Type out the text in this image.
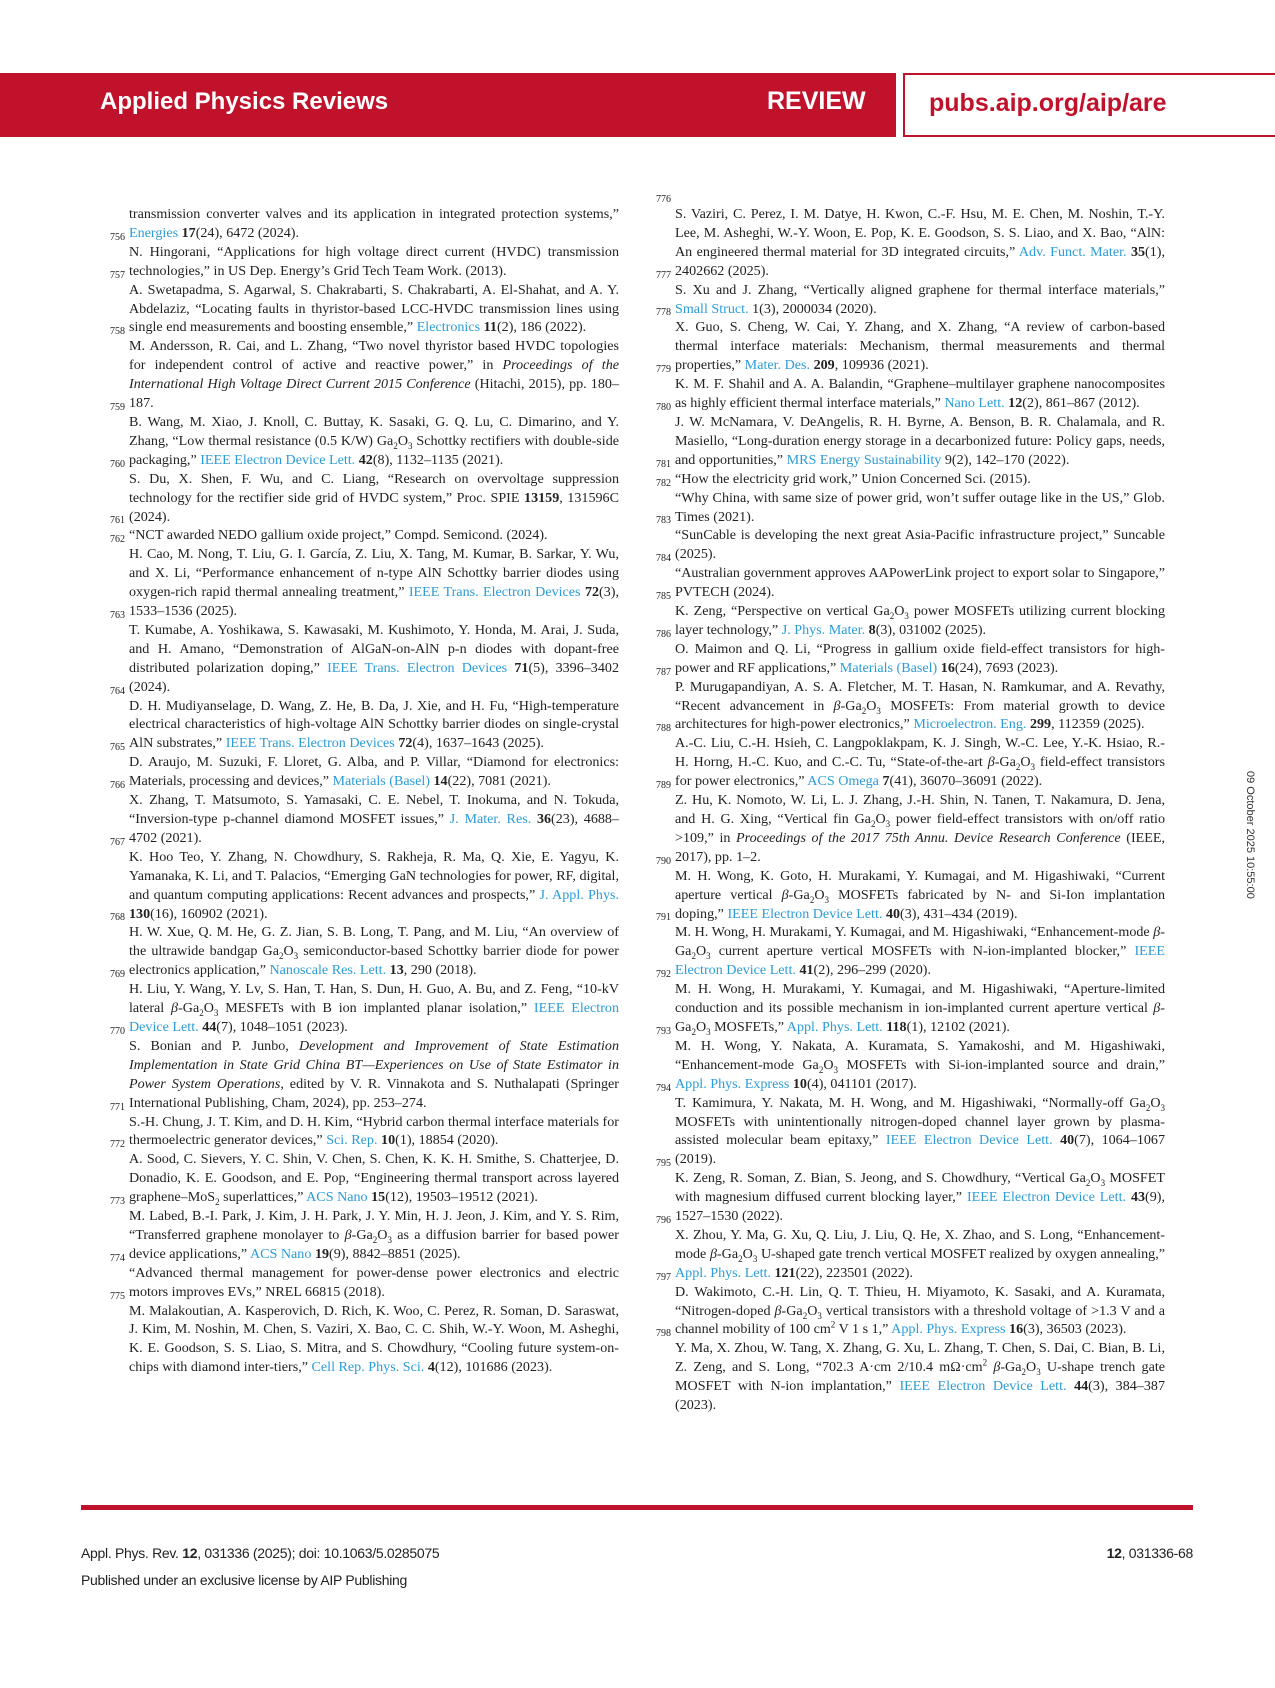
Applied Physics Reviews	REVIEW	pubs.aip.org/aip/are
transmission converter valves and its application in integrated protection systems,” Energies 17(24), 6472 (2024).
756
N. Hingorani, “Applications for high voltage direct current (HVDC) transmission technologies,” in US Dep. Energy’s Grid Tech Team Work. (2013).
757
A. Swetapadma, S. Agarwal, S. Chakrabarti, S. Chakrabarti, A. El-Shahat, and A. Y. Abdelaziz, “Locating faults in thyristor-based LCC-HVDC transmission lines using single end measurements and boosting ensemble,” Electronics 11(2), 186 (2022).
758
M. Andersson, R. Cai, and L. Zhang, “Two novel thyristor based HVDC topologies for independent control of active and reactive power,” in Proceedings of the International High Voltage Direct Current 2015 Conference (Hitachi, 2015), pp. 180–187.
759
B. Wang, M. Xiao, J. Knoll, C. Buttay, K. Sasaki, G. Q. Lu, C. Dimarino, and Y. Zhang, “Low thermal resistance (0.5 K/W) $Ga_2O_3$ Schottky rectifiers with double-side packaging,” IEEE Electron Device Lett. 42(8), 1132–1135 (2021).
760
S. Du, X. Shen, F. Wu, and C. Liang, “Research on overvoltage suppression technology for the rectifier side grid of HVDC system,” Proc. SPIE 13159, 131596C (2024).
761
“NCT awarded NEDO gallium oxide project,” Compd. Semicond. (2024).
762
H. Cao, M. Nong, T. Liu, G. I. García, Z. Liu, X. Tang, M. Kumar, B. Sarkar, Y. Wu, and X. Li, “Performance enhancement of n-type AlN Schottky barrier diodes using oxygen-rich rapid thermal annealing treatment,” IEEE Trans. Electron Devices 72(3), 1533–1536 (2025).
763
T. Kumabe, A. Yoshikawa, S. Kawasaki, M. Kushimoto, Y. Honda, M. Arai, J. Suda, and H. Amano, “Demonstration of AlGaN-on-AlN p-n diodes with dopant-free distributed polarization doping,” IEEE Trans. Electron Devices 71(5), 3396–3402 (2024).
764
D. H. Mudiyanselage, D. Wang, Z. He, B. Da, J. Xie, and H. Fu, “High-temperature electrical characteristics of high-voltage AlN Schottky barrier diodes on single-crystal AlN substrates,” IEEE Trans. Electron Devices 72(4), 1637–1643 (2025).
765
D. Araujo, M. Suzuki, F. Lloret, G. Alba, and P. Villar, “Diamond for electronics: Materials, processing and devices,” Materials (Basel) 14(22), 7081 (2021).
766
X. Zhang, T. Matsumoto, S. Yamasaki, C. E. Nebel, T. Inokuma, and N. Tokuda, “Inversion-type p-channel diamond MOSFET issues,” J. Mater. Res. 36(23), 4688–4702 (2021).
767
K. Hoo Teo, Y. Zhang, N. Chowdhury, S. Rakheja, R. Ma, Q. Xie, E. Yagyu, K. Yamanaka, K. Li, and T. Palacios, “Emerging GaN technologies for power, RF, digital, and quantum computing applications: Recent advances and prospects,” J. Appl. Phys. 130(16), 160902 (2021).
768
H. W. Xue, Q. M. He, G. Z. Jian, S. B. Long, T. Pang, and M. Liu, “An overview of the ultrawide bandgap $Ga_2O_3$ semiconductor-based Schottky barrier diode for power electronics application,” Nanoscale Res. Lett. 13, 290 (2018).
769
H. Liu, Y. Wang, Y. Lv, S. Han, T. Han, S. Dun, H. Guo, A. Bu, and Z. Feng, “10-kV lateral $\beta-Ga_2O_3$ MESFETs with B ion implanted planar isolation,” IEEE Electron Device Lett. 44(7), 1048–1051 (2023).
770
S. Bonian and P. Junbo, Development and Improvement of State Estimation Implementation in State Grid China BT—Experiences on Use of State Estimator in Power System Operations, edited by V. R. Vinnakota and S. Nuthalapati (Springer International Publishing, Cham, 2024), pp. 253–274.
771
S.-H. Chung, J. T. Kim, and D. H. Kim, “Hybrid carbon thermal interface materials for thermoelectric generator devices,” Sci. Rep. 10(1), 18854 (2020).
772
A. Sood, C. Sievers, Y. C. Shin, V. Chen, S. Chen, K. K. H. Smithe, S. Chatterjee, D. Donadio, K. E. Goodson, and E. Pop, “Engineering thermal transport across layered graphene–MoS$_2$ superlattices,” ACS Nano 15(12), 19503–19512 (2021).
773
M. Labed, B.-I. Park, J. Kim, J. H. Park, J. Y. Min, H. J. Jeon, J. Kim, and Y. S. Rim, “Transferred graphene monolayer to $\beta-Ga_2O_3$ as a diffusion barrier for based power device applications,” ACS Nano 19(9), 8842–8851 (2025).
774
“Advanced thermal management for power-dense power electronics and electric motors improves EVs,” NREL 66815 (2018).
775
M. Malakoutian, A. Kasperovich, D. Rich, K. Woo, C. Perez, R. Soman, D. Saraswat, J. Kim, M. Noshin, M. Chen, S. Vaziri, X. Bao, C. C. Shih, W.-Y. Woon, M. Asheghi, K. E. Goodson, S. S. Liao, S. Mitra, and S. Chowdhury, “Cooling future system-on-chips with diamond inter-tiers,” Cell Rep. Phys. Sci. 4(12), 101686 (2023).
776
S. Vaziri, C. Perez, I. M. Datye, H. Kwon, C.-F. Hsu, M. E. Chen, M. Noshin, T.-Y. Lee, M. Asheghi, W.-Y. Woon, E. Pop, K. E. Goodson, S. S. Liao, and X. Bao, “AlN: An engineered thermal material for 3D integrated circuits,” Adv. Funct. Mater. 35(1), 2402662 (2025).
777
S. Xu and J. Zhang, “Vertically aligned graphene for thermal interface materials,” Small Struct. 1(3), 2000034 (2020).
778
X. Guo, S. Cheng, W. Cai, Y. Zhang, and X. Zhang, “A review of carbon-based thermal interface materials: Mechanism, thermal measurements and thermal properties,” Mater. Des. 209, 109936 (2021).
779
K. M. F. Shahil and A. A. Balandin, “Graphene–multilayer graphene nanocomposites as highly efficient thermal interface materials,” Nano Lett. 12(2), 861–867 (2012).
780
J. W. McNamara, V. DeAngelis, R. H. Byrne, A. Benson, B. R. Chalamala, and R. Masiello, “Long-duration energy storage in a decarbonized future: Policy gaps, needs, and opportunities,” MRS Energy Sustainability 9(2), 142–170 (2022).
781
“How the electricity grid work,” Union Concerned Sci. (2015).
782
“Why China, with same size of power grid, won’t suffer outage like in the US,” Glob. Times (2021).
783
“SunCable is developing the next great Asia-Pacific infrastructure project,” Suncable (2025).
784
“Australian government approves AAPowerLink project to export solar to Singapore,” PVTECH (2024).
785
K. Zeng, “Perspective on vertical $Ga_2O_3$ power MOSFETs utilizing current blocking layer technology,” J. Phys. Mater. 8(3), 031002 (2025).
786
O. Maimon and Q. Li, “Progress in gallium oxide field-effect transistors for high-power and RF applications,” Materials (Basel) 16(24), 7693 (2023).
787
P. Murugapandiyan, A. S. A. Fletcher, M. T. Hasan, N. Ramkumar, and A. Revathy, “Recent advancement in $\beta-Ga_2O_3$ MOSFETs: From material growth to device architectures for high-power electronics,” Microelectron. Eng. 299, 112359 (2025).
788
A.-C. Liu, C.-H. Hsieh, C. Langpoklakpam, K. J. Singh, W.-C. Lee, Y.-K. Hsiao, R.-H. Horng, H.-C. Kuo, and C.-C. Tu, “State-of-the-art $\beta-Ga_2O_3$ field-effect transistors for power electronics,” ACS Omega 7(41), 36070–36091 (2022).
789
Z. Hu, K. Nomoto, W. Li, L. J. Zhang, J.-H. Shin, N. Tanen, T. Nakamura, D. Jena, and H. G. Xing, “Vertical fin $Ga_2O_3$ power field-effect transistors with on/off ratio >109,” in Proceedings of the 2017 75th Annu. Device Research Conference (IEEE, 2017), pp. 1–2.
790
M. H. Wong, K. Goto, H. Murakami, Y. Kumagai, and M. Higashiwaki, “Current aperture vertical $\beta-Ga_2O_3$ MOSFETs fabricated by N- and Si-Ion implantation doping,” IEEE Electron Device Lett. 40(3), 431–434 (2019).
791
M. H. Wong, H. Murakami, Y. Kumagai, and M. Higashiwaki, “Enhancement-mode $\beta-Ga_2O_3$ current aperture vertical MOSFETs with N-ion-implanted blocker,” IEEE Electron Device Lett. 41(2), 296–299 (2020).
792
M. H. Wong, H. Murakami, Y. Kumagai, and M. Higashiwaki, “Aperture-limited conduction and its possible mechanism in ion-implanted current aperture vertical $\beta-Ga_2O_3$ MOSFETs,” Appl. Phys. Lett. 118(1), 12102 (2021).
793
M. H. Wong, Y. Nakata, A. Kuramata, S. Yamakoshi, and M. Higashiwaki, “Enhancement-mode $Ga_2O_3$ MOSFETs with Si-ion-implanted source and drain,” Appl. Phys. Express 10(4), 041101 (2017).
794
T. Kamimura, Y. Nakata, M. H. Wong, and M. Higashiwaki, “Normally-off $Ga_2O_3$ MOSFETs with unintentionally nitrogen-doped channel layer grown by plasma-assisted molecular beam epitaxy,” IEEE Electron Device Lett. 40(7), 1064–1067 (2019).
795
K. Zeng, R. Soman, Z. Bian, S. Jeong, and S. Chowdhury, “Vertical $Ga_2O_3$ MOSFET with magnesium diffused current blocking layer,” IEEE Electron Device Lett. 43(9), 1527–1530 (2022).
796
X. Zhou, Y. Ma, G. Xu, Q. Liu, J. Liu, Q. He, X. Zhao, and S. Long, “Enhancement-mode $\beta-Ga_2O_3$ U-shaped gate trench vertical MOSFET realized by oxygen annealing,” Appl. Phys. Lett. 121(22), 223501 (2022).
797
D. Wakimoto, C.-H. Lin, Q. T. Thieu, H. Miyamoto, K. Sasaki, and A. Kuramata, “Nitrogen-doped $\beta-Ga_2O_3$ vertical transistors with a threshold voltage of >1.3 V and a channel mobility of 100 $cm^2$ V 1 s 1,” Appl. Phys. Express 16(3), 36503 (2023).
798
Y. Ma, X. Zhou, W. Tang, X. Zhang, G. Xu, L. Zhang, T. Chen, S. Dai, C. Bian, B. Li, Z. Zeng, and S. Long, “702.3 A·cm 2/10.4 $m\Omega\cdot cm^2$ $\beta-Ga_2O_3$ U-shape trench gate MOSFET with N-ion implantation,” IEEE Electron Device Lett. 44(3), 384–387 (2023).
09 October 2025 10:55:00
Appl. Phys. Rev. 12, 031336 (2025); doi: 10.1063/5.0285075
Published under an exclusive license by AIP Publishing
12, 031336-68
